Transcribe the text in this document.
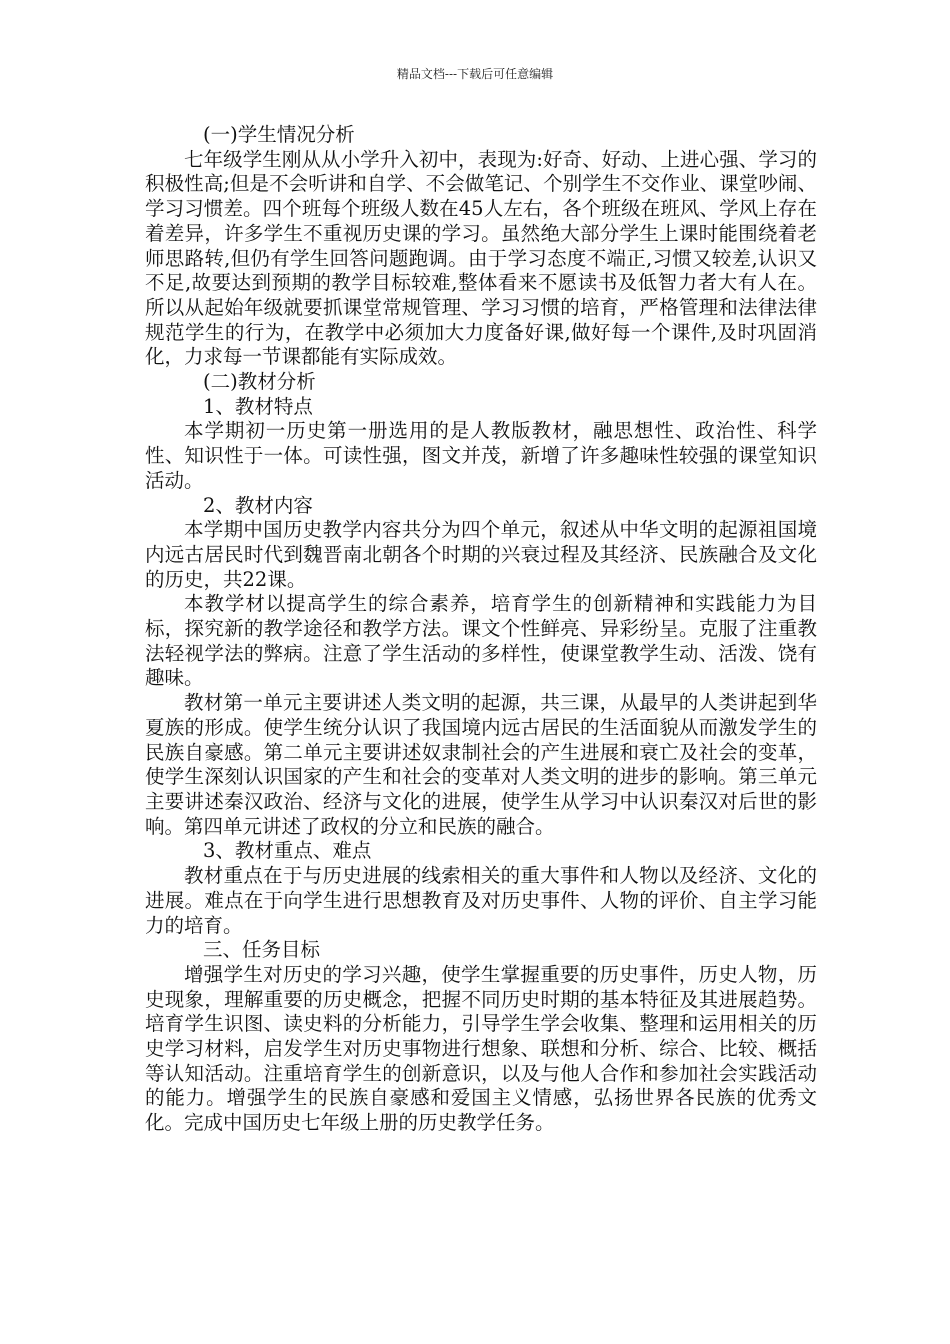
精品文档---下载后可任意编辑

(一)学生情况分析

七年级学生刚从从小学升入初中，表现为:好奇、好动、上进心强、学习的积极性高;但是不会听讲和自学、不会做笔记、个别学生不交作业、课堂吵闹、学习习惯差。四个班每个班级人数在45人左右，各个班级在班风、学风上存在着差异，许多学生不重视历史课的学习。虽然绝大部分学生上课时能围绕着老师思路转,但仍有学生回答问题跑调。由于学习态度不端正,习惯又较差,认识又不足,故要达到预期的教学目标较难,整体看来不愿读书及低智力者大有人在。所以从起始年级就要抓课堂常规管理、学习习惯的培育，严格管理和法律法律规范学生的行为，在教学中必须加大力度备好课,做好每一个课件,及时巩固消化，力求每一节课都能有实际成效。

(二)教材分析

1、教材特点

本学期初一历史第一册选用的是人教版教材，融思想性、政治性、科学性、知识性于一体。可读性强，图文并茂，新增了许多趣味性较强的课堂知识活动。

2、教材内容

本学期中国历史教学内容共分为四个单元，叙述从中华文明的起源祖国境内远古居民时代到魏晋南北朝各个时期的兴衰过程及其经济、民族融合及文化的历史，共22课。

本教学材以提高学生的综合素养，培育学生的创新精神和实践能力为目标，探究新的教学途径和教学方法。课文个性鲜亮、异彩纷呈。克服了注重教法轻视学法的弊病。注意了学生活动的多样性，使课堂教学生动、活泼、饶有趣味。

教材第一单元主要讲述人类文明的起源，共三课，从最早的人类讲起到华夏族的形成。使学生统分认识了我国境内远古居民的生活面貌从而激发学生的民族自豪感。第二单元主要讲述奴隶制社会的产生进展和衰亡及社会的变革，使学生深刻认识国家的产生和社会的变革对人类文明的进步的影响。第三单元主要讲述秦汉政治、经济与文化的进展，使学生从学习中认识秦汉对后世的影响。第四单元讲述了政权的分立和民族的融合。

3、教材重点、难点

教材重点在于与历史进展的线索相关的重大事件和人物以及经济、文化的进展。难点在于向学生进行思想教育及对历史事件、人物的评价、自主学习能力的培育。

三、任务目标

增强学生对历史的学习兴趣，使学生掌握重要的历史事件，历史人物，历史现象，理解重要的历史概念，把握不同历史时期的基本特征及其进展趋势。培育学生识图、读史料的分析能力，引导学生学会收集、整理和运用相关的历史学习材料，启发学生对历史事物进行想象、联想和分析、综合、比较、概括等认知活动。注重培育学生的创新意识，以及与他人合作和参加社会实践活动的能力。增强学生的民族自豪感和爱国主义情感，弘扬世界各民族的优秀文化。完成中国历史七年级上册的历史教学任务。
